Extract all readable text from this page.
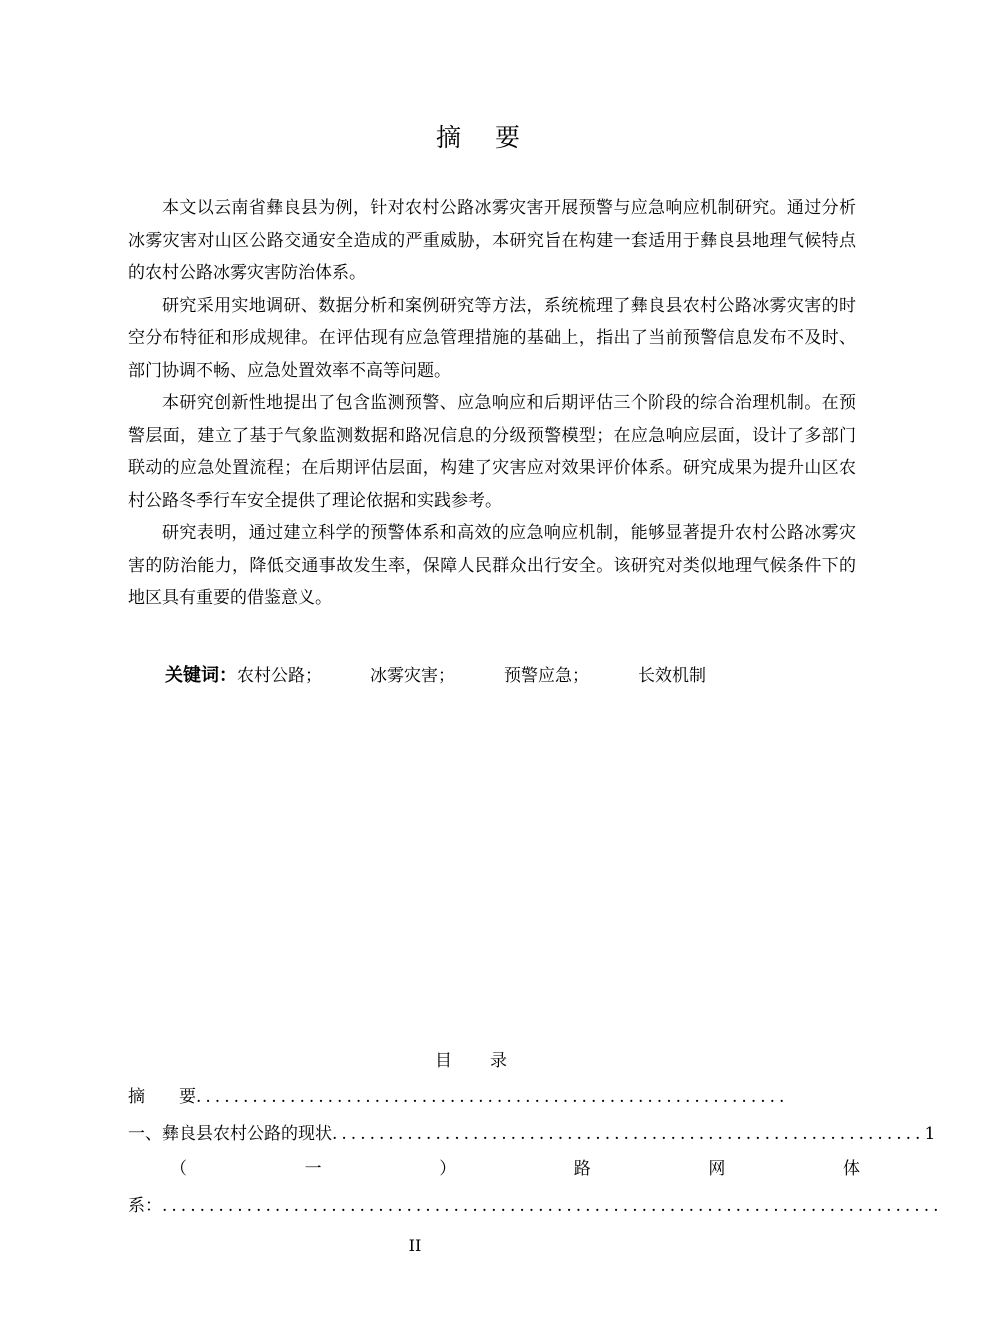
摘要

本文以云南省彝良县为例，针对农村公路冰雾灾害开展预警与应急响应机制研究。通过分析冰雾灾害对山区公路交通安全造成的严重威胁，本研究旨在构建一套适用于彝良县地理气候特点的农村公路冰雾灾害防治体系。

研究采用实地调研、数据分析和案例研究等方法，系统梳理了彝良县农村公路冰雾灾害的时空分布特征和形成规律。在评估现有应急管理措施的基础上，指出了当前预警信息发布不及时、部门协调不畅、应急处置效率不高等问题。

本研究创新性地提出了包含监测预警、应急响应和后期评估三个阶段的综合治理机制。在预警层面，建立了基于气象监测数据和路况信息的分级预警模型；在应急响应层面，设计了多部门联动的应急处置流程；在后期评估层面，构建了灾害应对效果评价体系。研究成果为提升山区农村公路冬季行车安全提供了理论依据和实践参考。

研究表明，通过建立科学的预警体系和高效的应急响应机制，能够显著提升农村公路冰雾灾害的防治能力，降低交通事故发生率，保障人民群众出行安全。该研究对类似地理气候条件下的地区具有重要的借鉴意义。

关键词：农村公路；	冰雾灾害；	预警应急；	长效机制
目录
摘　　要...............................................................
一、彝良县农村公路的现状...............................................................1
（	一	）	路	网	体
系：...................................................................................
II
